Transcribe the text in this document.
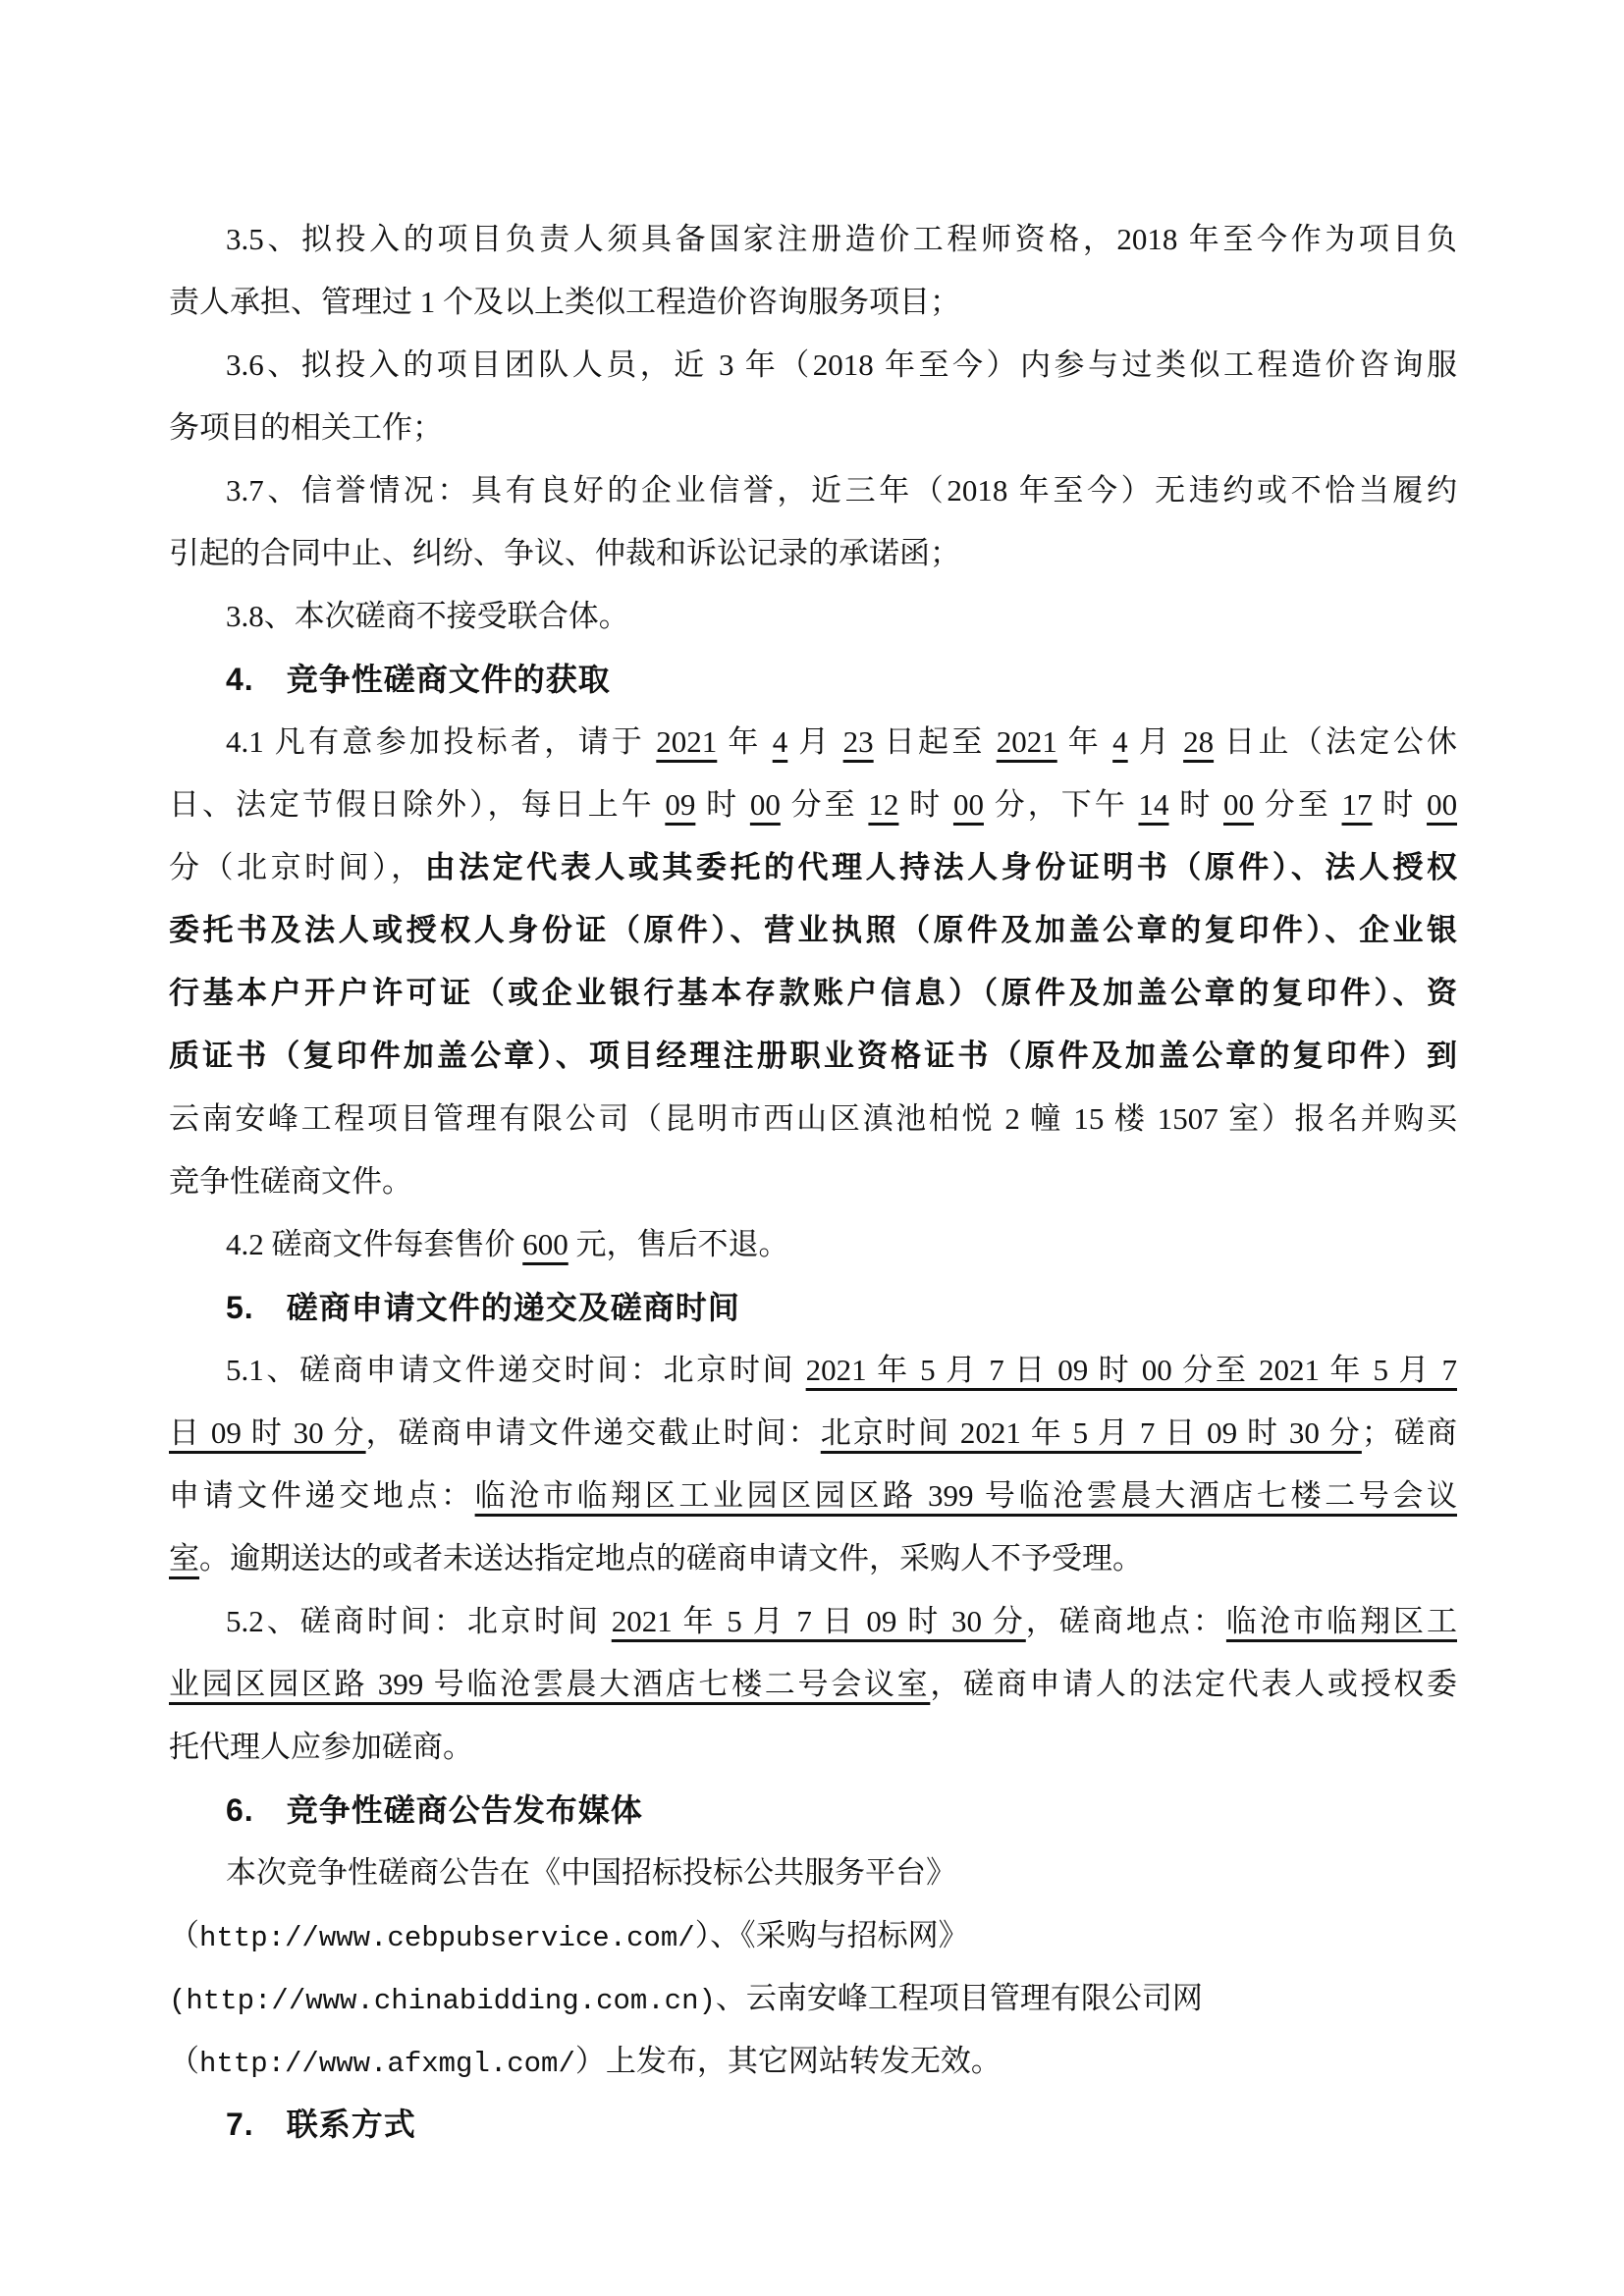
3.5、拟投入的项目负责人须具备国家注册造价工程师资格，2018 年至今作为项目负
责人承担、管理过 1 个及以上类似工程造价咨询服务项目；
3.6、拟投入的项目团队人员，近 3 年（2018 年至今）内参与过类似工程造价咨询服
务项目的相关工作；
3.7、信誉情况：具有良好的企业信誉，近三年（2018 年至今）无违约或不恰当履约
引起的合同中止、纠纷、争议、仲裁和诉讼记录的承诺函；
3.8、本次磋商不接受联合体。
4.　竞争性磋商文件的获取
4.1 凡有意参加投标者，请于 2021 年 4 月 23 日起至 2021 年 4 月 28 日止（法定公休
日、法定节假日除外），每日上午 09 时 00 分至 12 时 00 分，下午 14 时 00 分至 17 时 00
分（北京时间），由法定代表人或其委托的代理人持法人身份证明书（原件）、法人授权
委托书及法人或授权人身份证（原件）、营业执照（原件及加盖公章的复印件）、企业银
行基本户开户许可证（或企业银行基本存款账户信息）（原件及加盖公章的复印件）、资
质证书（复印件加盖公章）、项目经理注册职业资格证书（原件及加盖公章的复印件）到
云南安峰工程项目管理有限公司（昆明市西山区滇池柏悦 2 幢 15 楼 1507 室）报名并购买
竞争性磋商文件。
4.2 磋商文件每套售价 600 元，售后不退。
5.　磋商申请文件的递交及磋商时间
5.1、磋商申请文件递交时间：北京时间 2021 年 5 月 7 日 09 时 00 分至 2021 年 5 月 7
日 09 时 30 分，磋商申请文件递交截止时间：北京时间 2021 年 5 月 7 日 09 时 30 分；磋商
申请文件递交地点：临沧市临翔区工业园区园区路 399 号临沧雲晨大酒店七楼二号会议
室。逾期送达的或者未送达指定地点的磋商申请文件，采购人不予受理。
5.2、磋商时间：北京时间 2021 年 5 月 7 日 09 时 30 分，磋商地点：临沧市临翔区工
业园区园区路 399 号临沧雲晨大酒店七楼二号会议室，磋商申请人的法定代表人或授权委
托代理人应参加磋商。
6.　竞争性磋商公告发布媒体
本次竞争性磋商公告在《中国招标投标公共服务平台》
（http://www.cebpubservice.com/）、《采购与招标网》
(http://www.chinabidding.com.cn)、云南安峰工程项目管理有限公司网
（http://www.afxmgl.com/）上发布，其它网站转发无效。
7.　联系方式
